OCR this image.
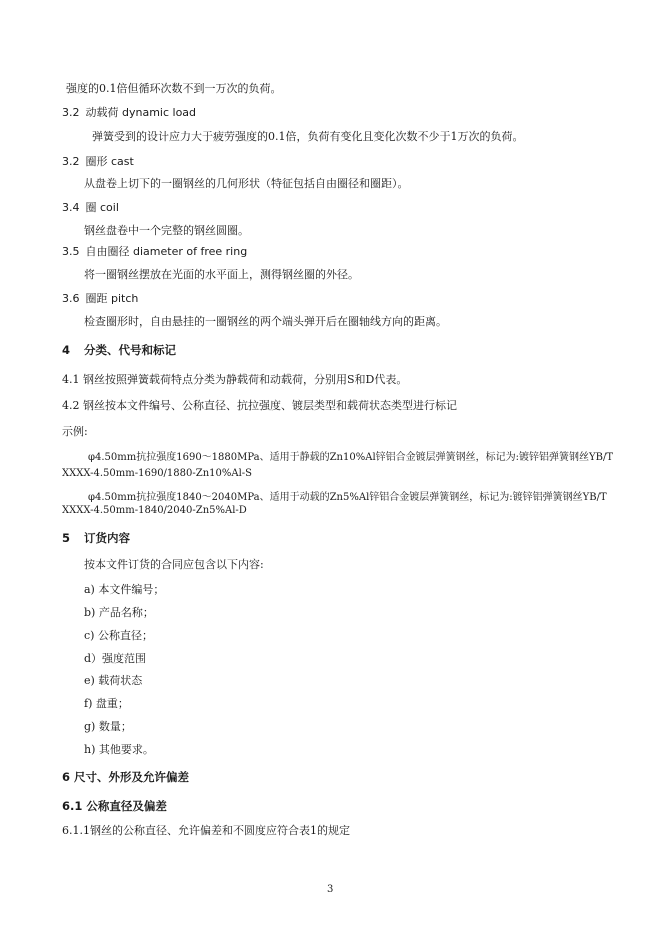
强度的0.1倍但循环次数不到一万次的负荷。
3.2 动载荷 dynamic load
弹簧受到的设计应力大于疲劳强度的0.1倍，负荷有变化且变化次数不少于1万次的负荷。
3.2 圈形 cast
从盘卷上切下的一圈钢丝的几何形状（特征包括自由圈径和圈距）。
3.4 圈 coil
钢丝盘卷中一个完整的钢丝圆圈。
3.5 自由圈径 diameter of free ring
将一圈钢丝摆放在光面的水平面上，测得钢丝圈的外径。
3.6 圈距 pitch
检查圈形时，自由悬挂的一圈钢丝的两个端头弹开后在圈轴线方向的距离。
4 分类、代号和标记
4.1 钢丝按照弹簧载荷特点分类为静载荷和动载荷，分别用S和D代表。
4.2 钢丝按本文件编号、公称直径、抗拉强度、镀层类型和载荷状态类型进行标记
示例:
φ4.50mm抗拉强度1690～1880MPa、适用于静载的Zn10%Al锌铝合金镀层弹簧钢丝，标记为:镀锌铝弹簧钢丝YB/T
XXXX-4.50mm-1690/1880-Zn10%Al-S
φ4.50mm抗拉强度1840～2040MPa、适用于动载的Zn5%Al锌铝合金镀层弹簧钢丝，标记为:镀锌铝弹簧钢丝YB/T
XXXX-4.50mm-1840/2040-Zn5%Al-D
5 订货内容
按本文件订货的合同应包含以下内容:
a) 本文件编号；
b) 产品名称；
c) 公称直径；
d）强度范围
e) 载荷状态
f) 盘重；
g) 数量；
h) 其他要求。
6 尺寸、外形及允许偏差
6.1 公称直径及偏差
6.1.1钢丝的公称直径、允许偏差和不圆度应符合表1的规定
3
